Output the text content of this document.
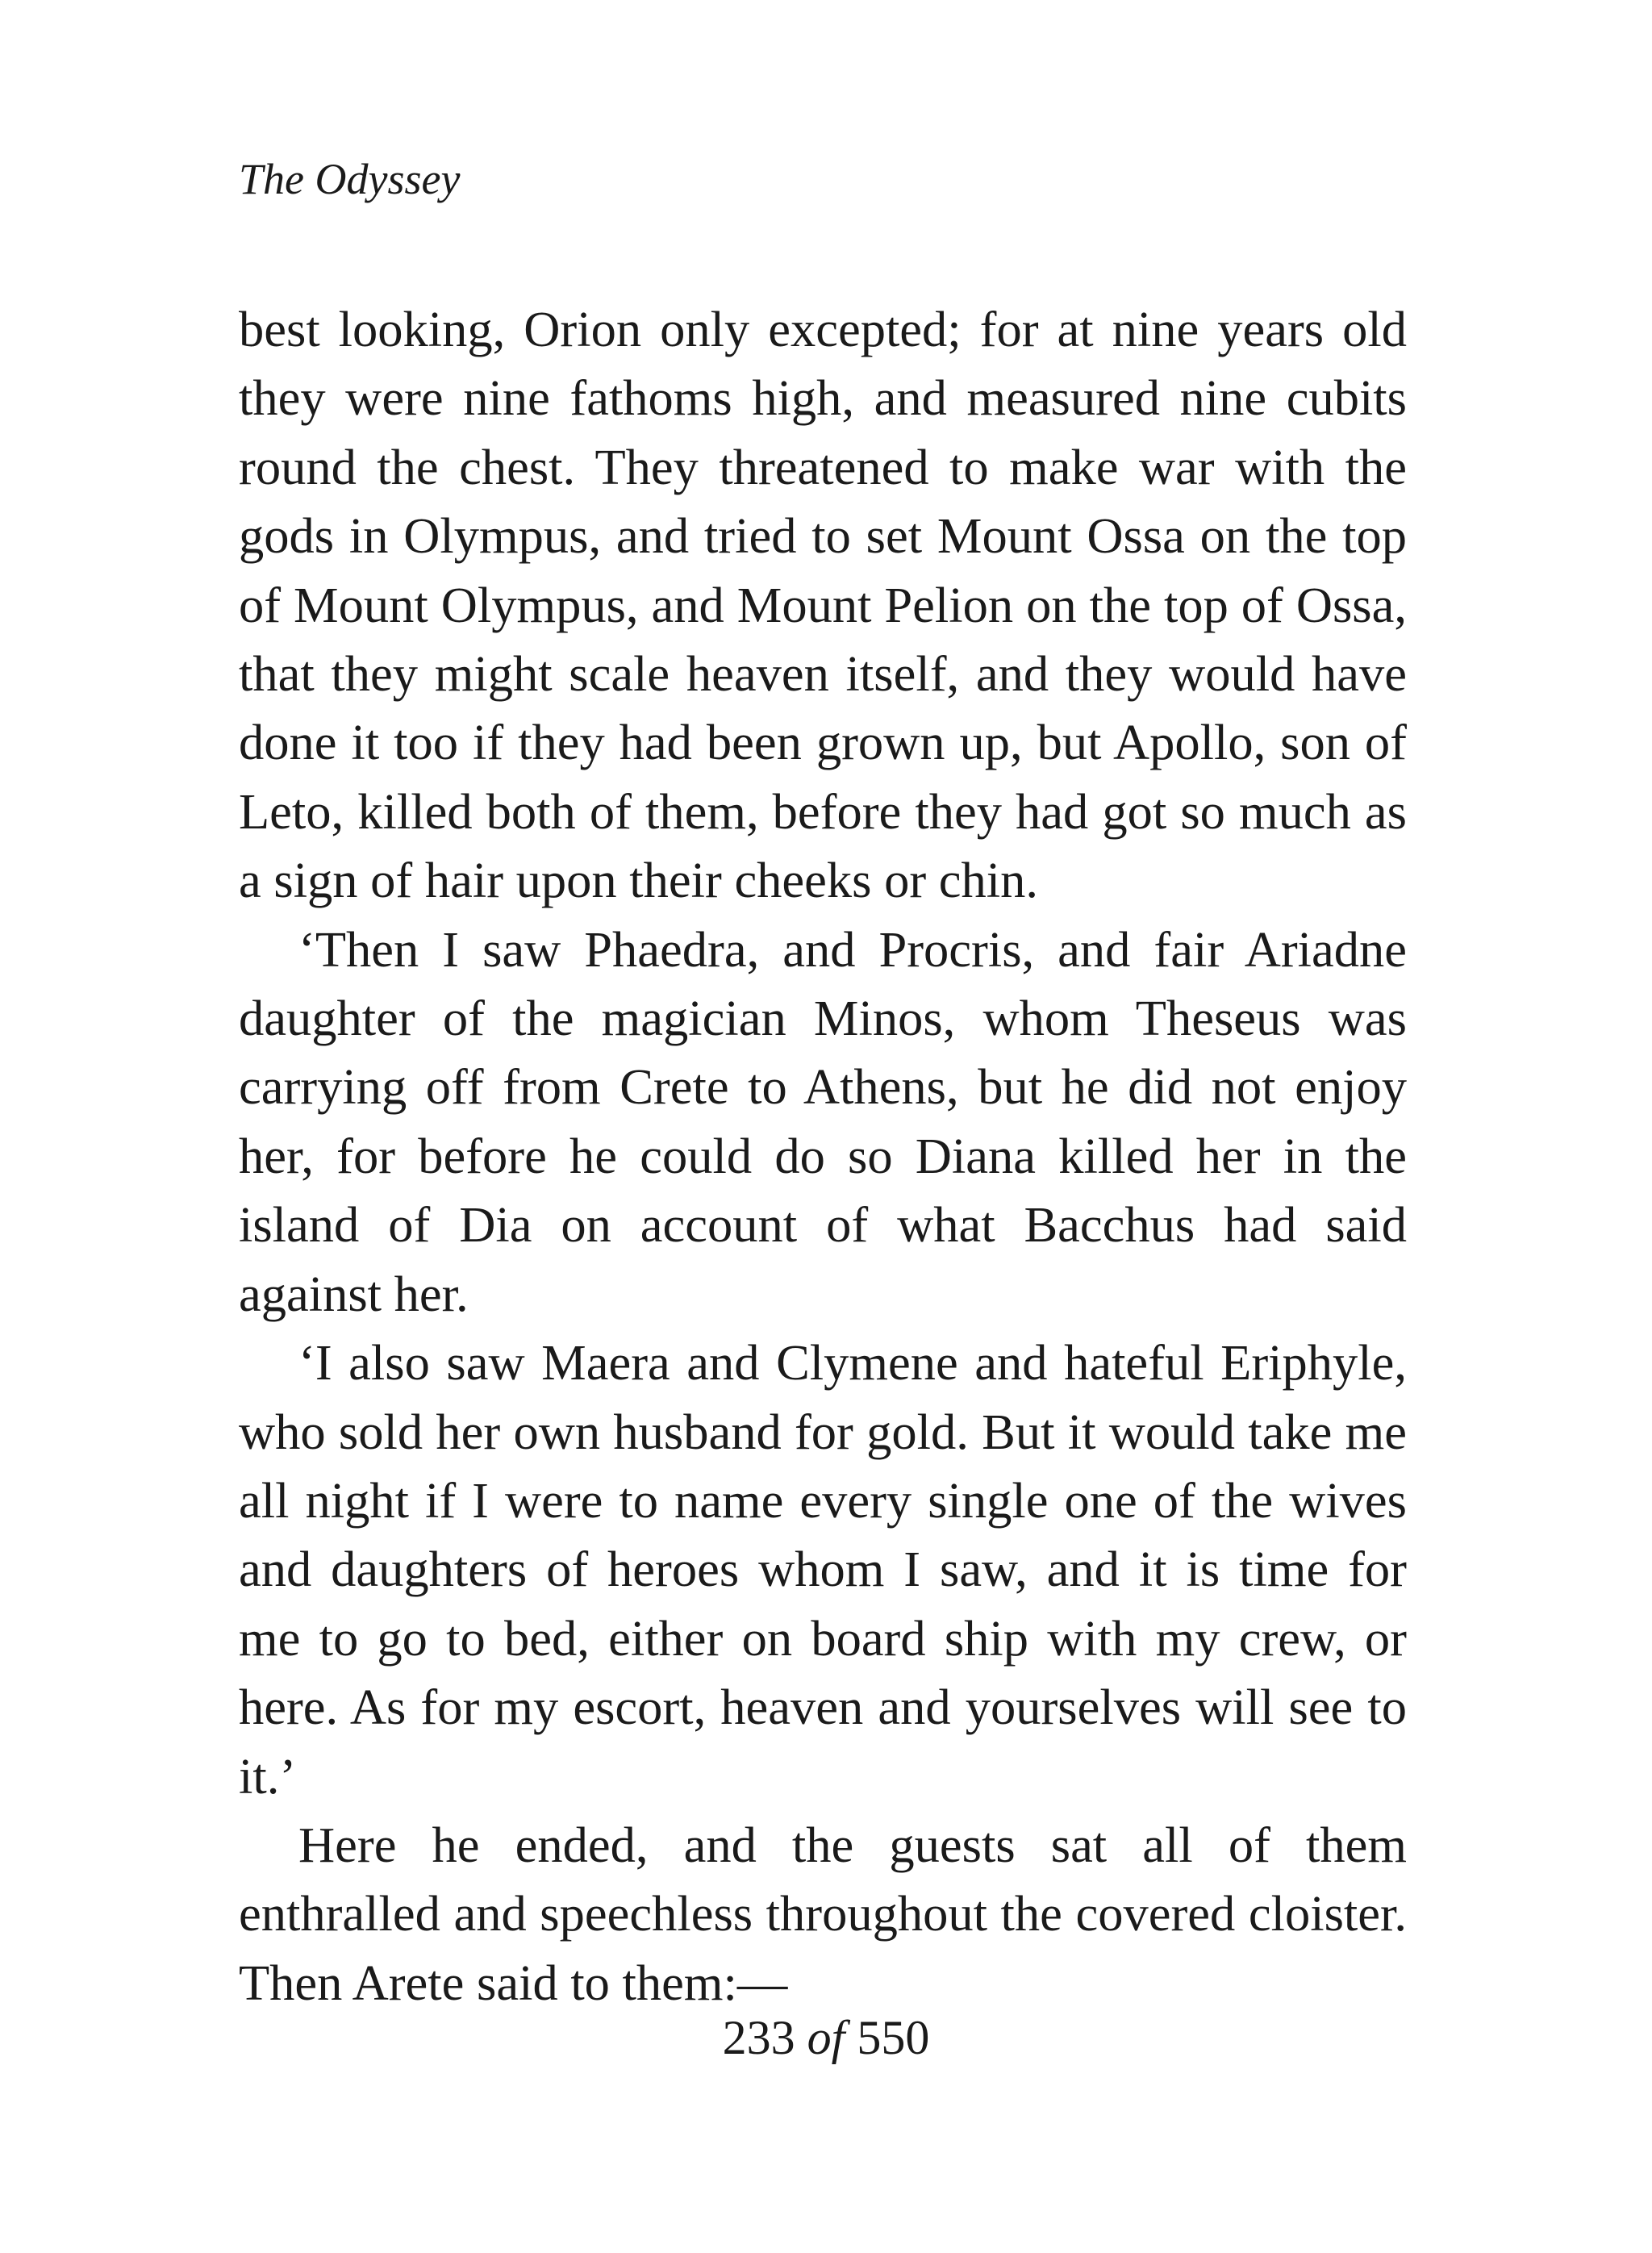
The Odyssey

best looking, Orion only excepted; for at nine years old they were nine fathoms high, and measured nine cubits round the chest. They threatened to make war with the gods in Olympus, and tried to set Mount Ossa on the top of Mount Olympus, and Mount Pelion on the top of Ossa, that they might scale heaven itself, and they would have done it too if they had been grown up, but Apollo, son of Leto, killed both of them, before they had got so much as a sign of hair upon their cheeks or chin.

‘Then I saw Phaedra, and Procris, and fair Ariadne daughter of the magician Minos, whom Theseus was carrying off from Crete to Athens, but he did not enjoy her, for before he could do so Diana killed her in the island of Dia on account of what Bacchus had said against her.

‘I also saw Maera and Clymene and hateful Eriphyle, who sold her own husband for gold. But it would take me all night if I were to name every single one of the wives and daughters of heroes whom I saw, and it is time for me to go to bed, either on board ship with my crew, or here. As for my escort, heaven and yourselves will see to it.’

Here he ended, and the guests sat all of them enthralled and speechless throughout the covered cloister. Then Arete said to them:—

233 of 550
